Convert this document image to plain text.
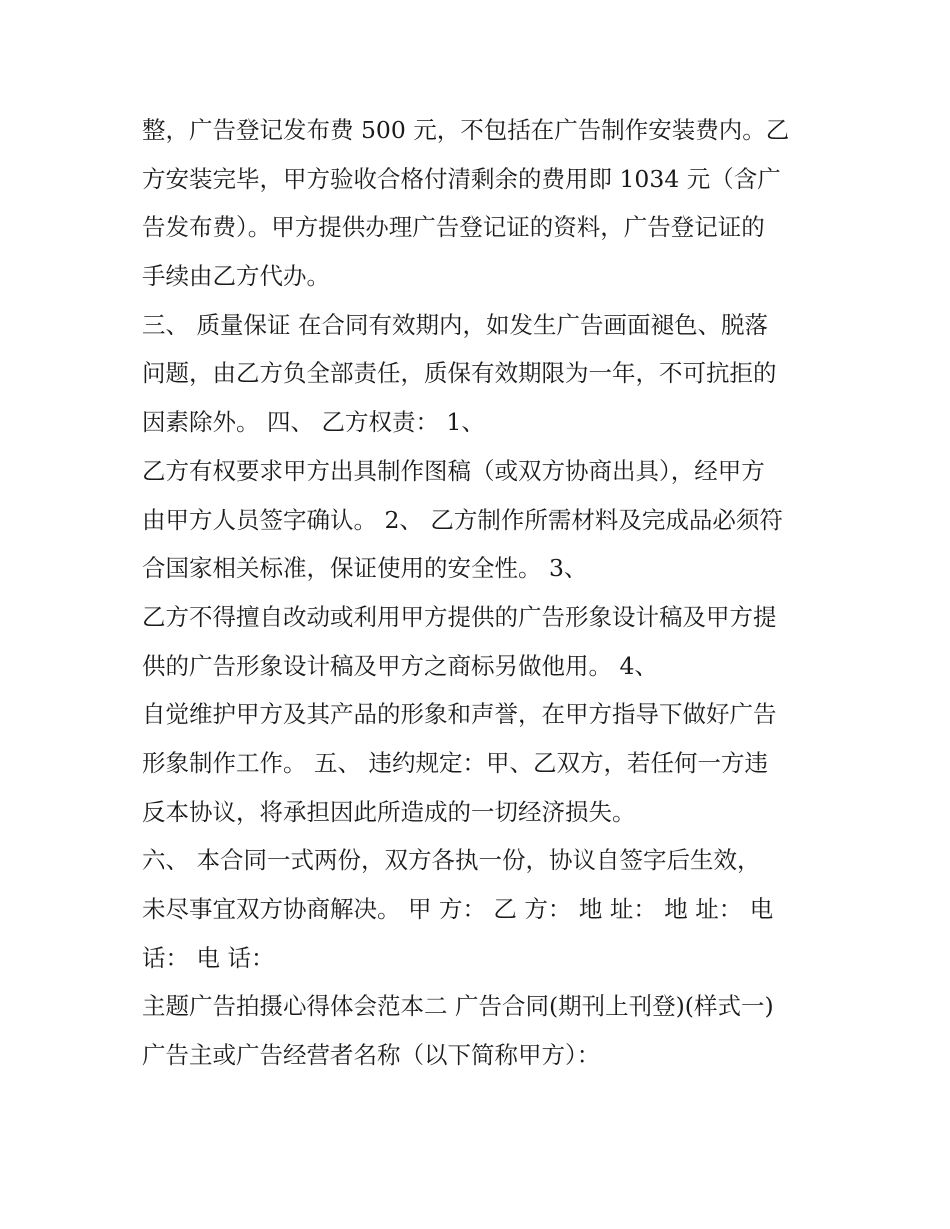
整，广告登记发布费 500 元，不包括在广告制作安装费内。乙
方安装完毕，甲方验收合格付清剩余的费用即 1034 元（含广
告发布费）。甲方提供办理广告登记证的资料，广告登记证的
手续由乙方代办。
三、 质量保证 在合同有效期内，如发生广告画面褪色、脱落
问题，由乙方负全部责任，质保有效期限为一年，不可抗拒的
因素除外。 四、 乙方权责： 1、
乙方有权要求甲方出具制作图稿（或双方协商出具），经甲方
由甲方人员签字确认。 2、 乙方制作所需材料及完成品必须符
合国家相关标准，保证使用的安全性。 3、
乙方不得擅自改动或利用甲方提供的广告形象设计稿及甲方提
供的广告形象设计稿及甲方之商标另做他用。 4、
自觉维护甲方及其产品的形象和声誉，在甲方指导下做好广告
形象制作工作。 五、 违约规定：甲、乙双方，若任何一方违
反本协议，将承担因此所造成的一切经济损失。
六、 本合同一式两份，双方各执一份，协议自签字后生效，
未尽事宜双方协商解决。 甲 方： 乙 方： 地 址： 地 址： 电
话： 电 话：
主题广告拍摄心得体会范本二 广告合同(期刊上刊登)(样式一)
广告主或广告经营者名称（以下简称甲方）：
